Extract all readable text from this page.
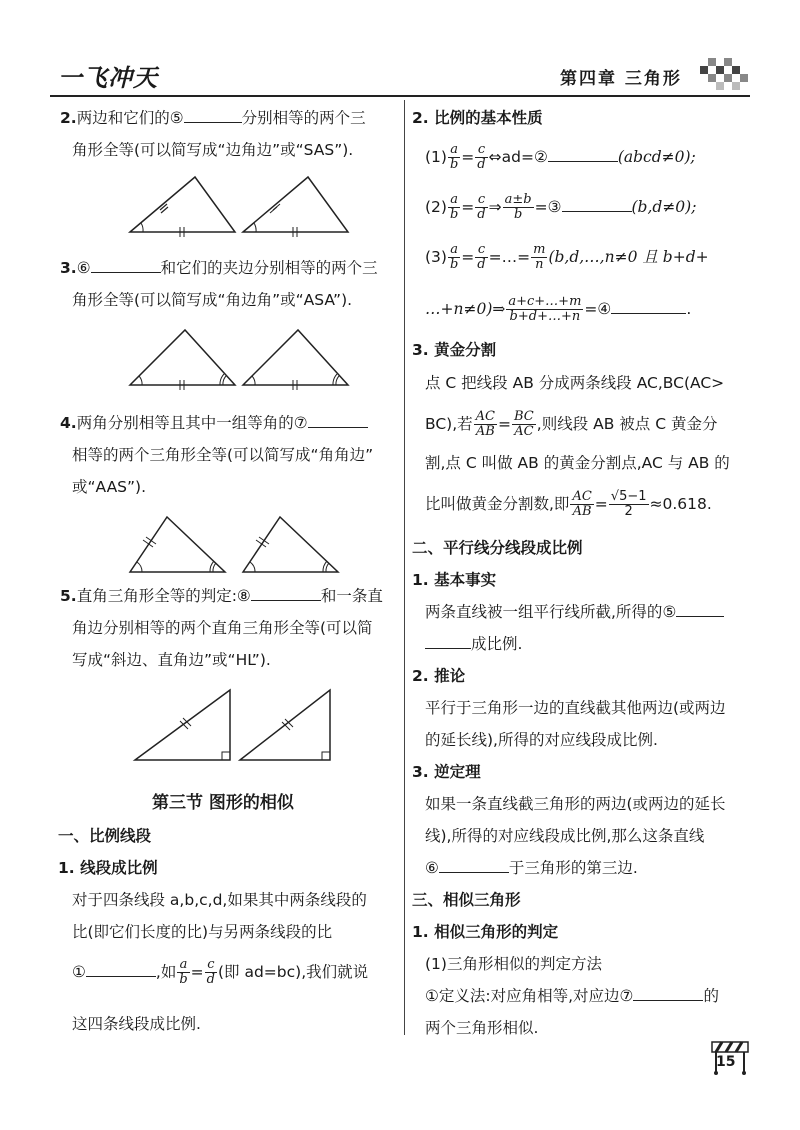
一飞冲天	第四章 三角形
2.两边和它们的⑤	分别相等的两个三
角形全等(可以简写成“边角边”或“SAS”).
3.⑥	和它们的夹边分别相等的两个三
角形全等(可以简写成“角边角”或“ASA”).
4.两角分别相等且其中一组等角的⑦
相等的两个三角形全等(可以简写成“角角边”
或“AAS”).
5.直角三角形全等的判定:⑧	和一条直
角边分别相等的两个直角三角形全等(可以简
写成“斜边、直角边”或“HL”).
第三节 图形的相似
一、比例线段
1. 线段成比例
对于四条线段 a,b,c,d,如果其中两条线段的
比(即它们长度的比)与另两条线段的比
①	,如 $\frac{a}{b} = \frac{c}{d}$ (即 ad=bc),我们就说
这四条线段成比例.
2. 比例的基本性质
$(1) \frac{a}{b} = \frac{c}{d}$ ⇔ad=②	(abcd≠0);
$(2) \frac{a}{b} = \frac{c}{d}$ ⇒ $\frac{a\pm b}{b}$ =③	(b,d≠0);
$(3) \frac{a}{b} = \frac{c}{d}$ =…= $\frac{m}{n}$ (b,d,…,n≠0 且 b+d+
…+n≠0)⇒ $\frac{a+c+\dots+m}{b+d+\dots+n}$ =④	.
3. 黄金分割
点 C 把线段 AB 分成两条线段 AC,BC(AC>
BC),若 $\frac{AC}{AB} = \frac{BC}{AC}$ ,则线段 AB 被点 C 黄金分
割,点 C 叫做 AB 的黄金分割点,AC 与 AB 的
比叫做黄金分割数,即 $\frac{AC}{AB} = \frac{√5-1}{2} \approx 0.618$.
二、平行线分线段成比例
1. 基本事实
两条直线被一组平行线所截,所得的⑤
成比例.
2. 推论
平行于三角形一边的直线截其他两边(或两边
的延长线),所得的对应线段成比例.
3. 逆定理
如果一条直线截三角形的两边(或两边的延长
线),所得的对应线段成比例,那么这条直线
⑥	于三角形的第三边.
三、相似三角形
1. 相似三角形的判定
(1)三角形相似的判定方法
①定义法:对应角相等,对应边⑦	的
两个三角形相似.
15
